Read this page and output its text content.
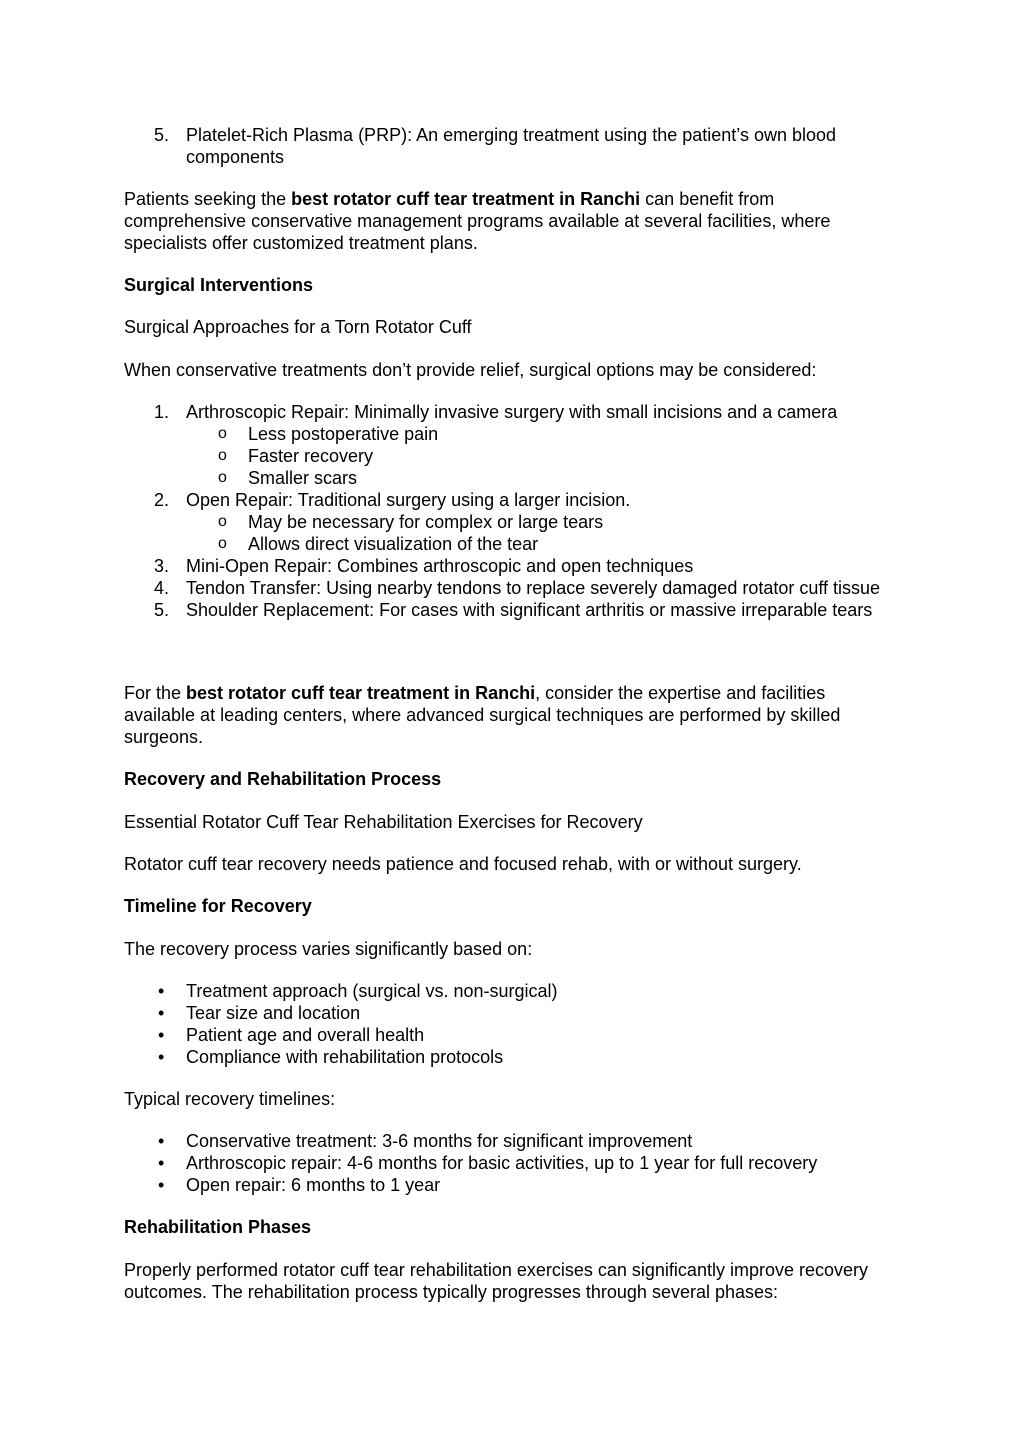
5. Platelet-Rich Plasma (PRP): An emerging treatment using the patient’s own blood components

Patients seeking the best rotator cuff tear treatment in Ranchi can benefit from comprehensive conservative management programs available at several facilities, where specialists offer customized treatment plans.

Surgical Interventions
Surgical Approaches for a Torn Rotator Cuff
When conservative treatments don’t provide relief, surgical options may be considered:
1. Arthroscopic Repair: Minimally invasive surgery with small incisions and a camera
o Less postoperative pain
o Faster recovery
o Smaller scars
2. Open Repair: Traditional surgery using a larger incision.
o May be necessary for complex or large tears
o Allows direct visualization of the tear
3. Mini-Open Repair: Combines arthroscopic and open techniques
4. Tendon Transfer: Using nearby tendons to replace severely damaged rotator cuff tissue
5. Shoulder Replacement: For cases with significant arthritis or massive irreparable tears

For the best rotator cuff tear treatment in Ranchi, consider the expertise and facilities available at leading centers, where advanced surgical techniques are performed by skilled surgeons.

Recovery and Rehabilitation Process
Essential Rotator Cuff Tear Rehabilitation Exercises for Recovery
Rotator cuff tear recovery needs patience and focused rehab, with or without surgery.
Timeline for Recovery
The recovery process varies significantly based on:
• Treatment approach (surgical vs. non-surgical)
• Tear size and location
• Patient age and overall health
• Compliance with rehabilitation protocols
Typical recovery timelines:
• Conservative treatment: 3-6 months for significant improvement
• Arthroscopic repair: 4-6 months for basic activities, up to 1 year for full recovery
• Open repair: 6 months to 1 year
Rehabilitation Phases
Properly performed rotator cuff tear rehabilitation exercises can significantly improve recovery outcomes. The rehabilitation process typically progresses through several phases:
